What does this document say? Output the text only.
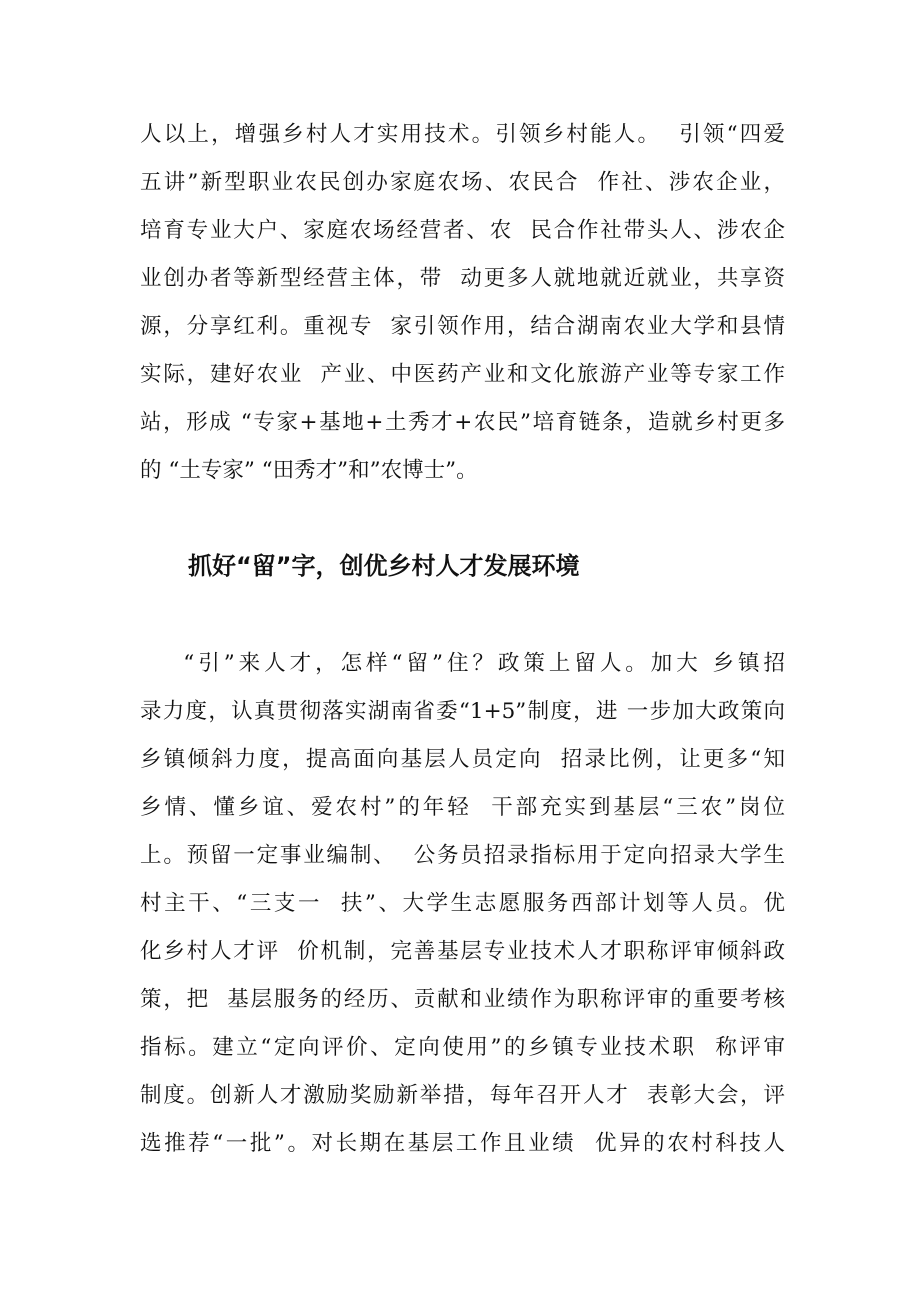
人以上，增强乡村人才实用技术。引领乡村能人。  引领“四爱
五讲”新型职业农民创办家庭农场、农民合  作社、涉农企业，
培育专业大户、家庭农场经营者、农  民合作社带头人、涉农企
业创办者等新型经营主体，带  动更多人就地就近就业，共享资
源，分享红利。重视专  家引领作用，结合湖南农业大学和县情
实际，建好农业  产业、中医药产业和文化旅游产业等专家工作
站，形成 “专家+基地+土秀才+农民”培育链条，造就乡村更多
的 “土专家” “田秀才”和”农博士”。
抓好“留”字，创优乡村人才发展环境
“引”来人才，怎样“留”住？政策上留人。加大 乡镇招
录力度，认真贯彻落实湖南省委“1+5”制度，进 一步加大政策向
乡镇倾斜力度，提高面向基层人员定向  招录比例，让更多“知
乡情、懂乡谊、爱农村”的年轻  干部充实到基层“三农”岗位
上。预留一定事业编制、  公务员招录指标用于定向招录大学生
村主干、“三支一  扶”、大学生志愿服务西部计划等人员。优
化乡村人才评  价机制，完善基层专业技术人才职称评审倾斜政
策，把  基层服务的经历、贡献和业绩作为职称评审的重要考核
指标。建立“定向评价、定向使用”的乡镇专业技术职  称评审
制度。创新人才激励奖励新举措，每年召开人才  表彰大会，评
选推荐“一批”。对长期在基层工作且业绩  优异的农村科技人
